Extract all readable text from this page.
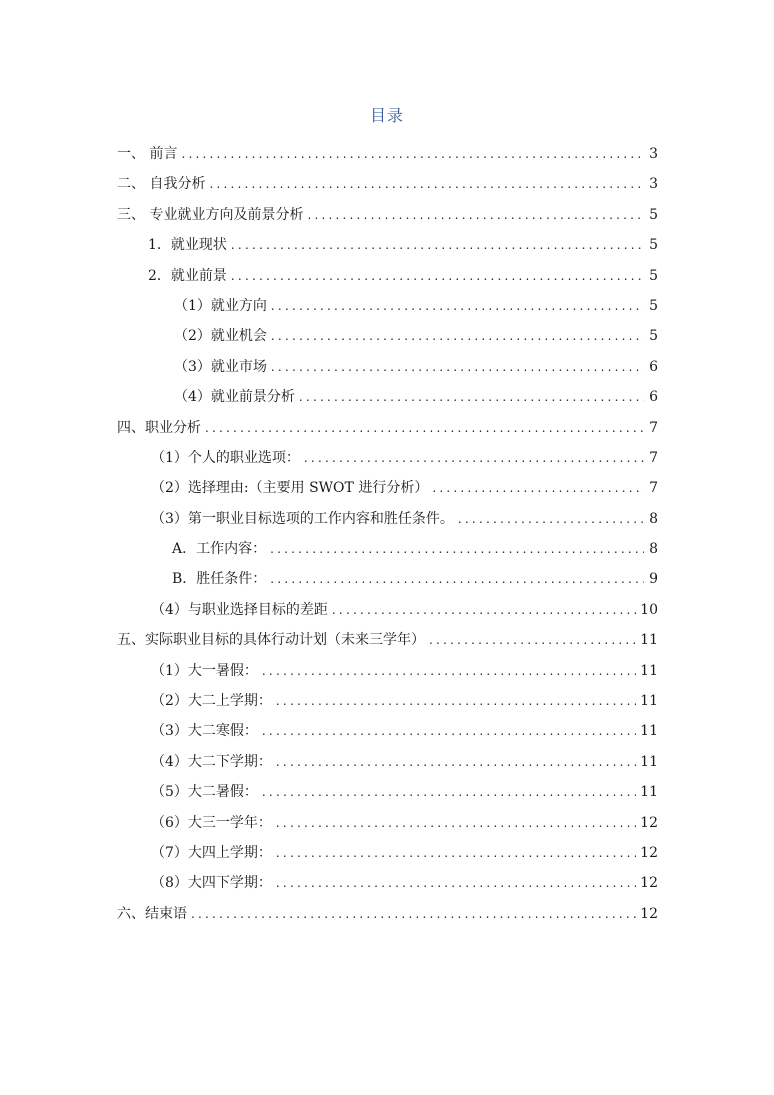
目录
一、 前言 .....	3
二、 自我分析 .....	3
三、 专业就业方向及前景分析 .....	5
1．就业现状 .....	5
2．就业前景 .....	5
（1）就业方向 .....	5
（2）就业机会 .....	5
（3）就业市场 .....	6
（4）就业前景分析 .....	6
四、职业分析 .....	7
（1）个人的职业选项： .....	7
（2）选择理由:（主要用 SWOT 进行分析） .....	7
（3）第一职业目标选项的工作内容和胜任条件。 .....	8
A．工作内容： .....	8
B．胜任条件： .....	9
（4）与职业选择目标的差距 .....	10
五、实际职业目标的具体行动计划（未来三学年） .....	11
（1）大一暑假： .....	11
（2）大二上学期： .....	11
（3）大二寒假： .....	11
（4）大二下学期： .....	11
（5）大二暑假： .....	11
（6）大三一学年： .....	12
（7）大四上学期： .....	12
（8）大四下学期： .....	12
六、结束语 .....	12
